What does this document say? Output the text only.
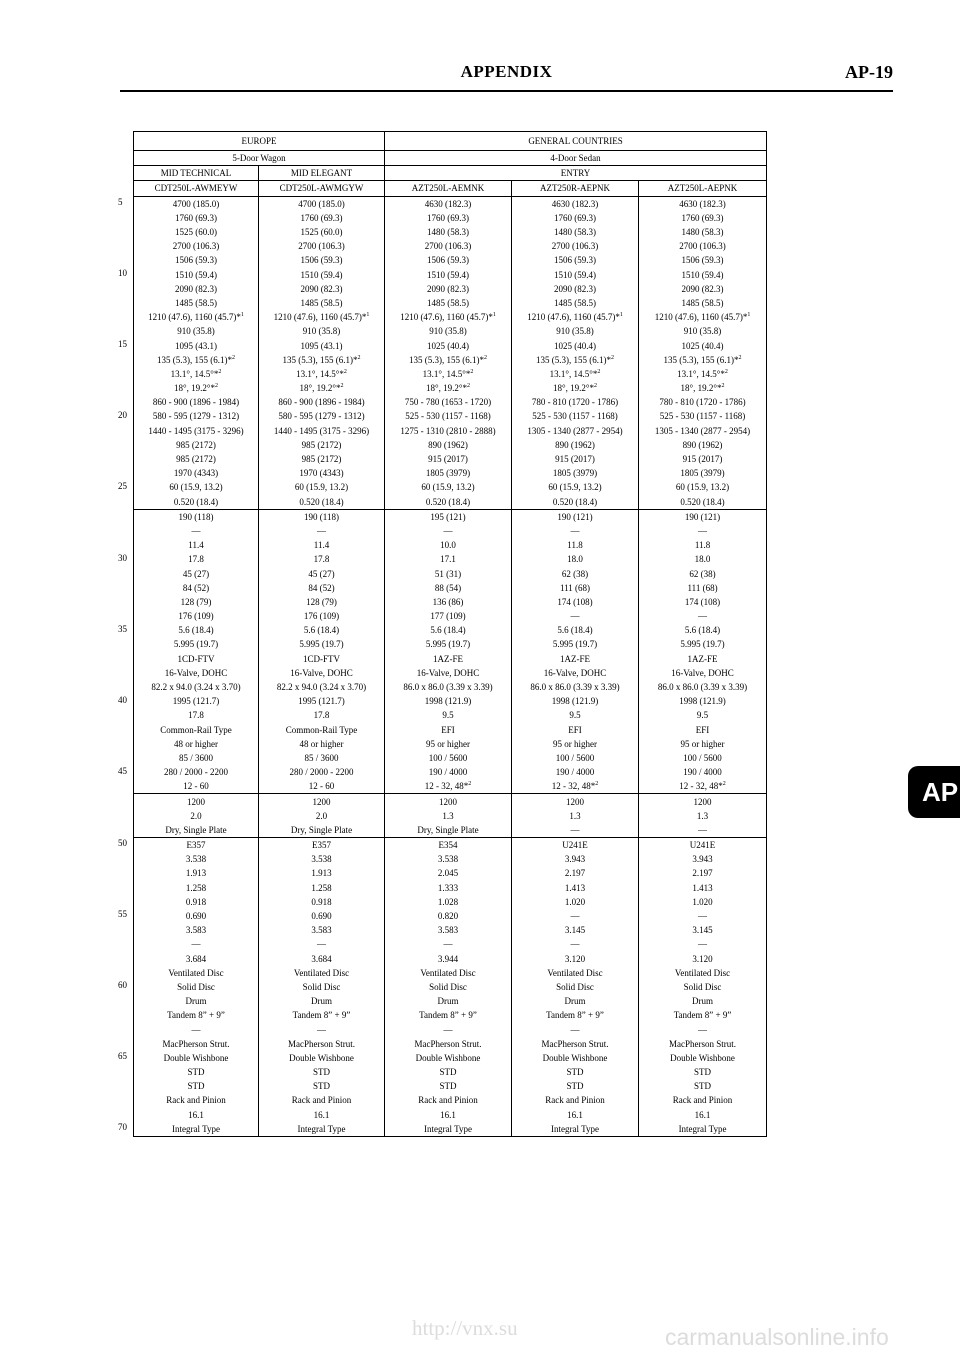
APPENDIX	AP-19
EUROPE		GENERAL COUNTRIES		
5-Door Wagon		4-Door Sedan		
MID TECHNICAL	MID ELEGANT	ENTRY		
CDT250L-AWMEYW	CDT250L-AWMGYW	AZT250L-AEMNK	AZT250R-AEPNK	AZT250L-AEPNK
4700 (185.0)	4700 (185.0)	4630 (182.3)	4630 (182.3)	4630 (182.3)
1760 (69.3)	1760 (69.3)	1760 (69.3)	1760 (69.3)	1760 (69.3)
1525 (60.0)	1525 (60.0)	1480 (58.3)	1480 (58.3)	1480 (58.3)
2700 (106.3)	2700 (106.3)	2700 (106.3)	2700 (106.3)	2700 (106.3)
1506 (59.3)	1506 (59.3)	1506 (59.3)	1506 (59.3)	1506 (59.3)
1510 (59.4)	1510 (59.4)	1510 (59.4)	1510 (59.4)	1510 (59.4)
2090 (82.3)	2090 (82.3)	2090 (82.3)	2090 (82.3)	2090 (82.3)
1485 (58.5)	1485 (58.5)	1485 (58.5)	1485 (58.5)	1485 (58.5)
1210 (47.6), 1160 (45.7)*$^1$	1210 (47.6), 1160 (45.7)*$^1$	1210 (47.6), 1160 (45.7)*$^1$	1210 (47.6), 1160 (45.7)*$^1$	1210 (47.6), 1160 (45.7)*$^1$
910 (35.8)	910 (35.8)	910 (35.8)	910 (35.8)	910 (35.8)
1095 (43.1)	1095 (43.1)	1025 (40.4)	1025 (40.4)	1025 (40.4)
135 (5.3), 155 (6.1)*$^2$	135 (5.3), 155 (6.1)*$^2$	135 (5.3), 155 (6.1)*$^2$	135 (5.3), 155 (6.1)*$^2$	135 (5.3), 155 (6.1)*$^2$
13.1°, 14.5°*$^2$	13.1°, 14.5°*$^2$	13.1°, 14.5°*$^2$	13.1°, 14.5°*$^2$	13.1°, 14.5°*$^2$
18°, 19.2°*$^2$	18°, 19.2°*$^2$	18°, 19.2°*$^2$	18°, 19.2°*$^2$	18°, 19.2°*$^2$
860 - 900 (1896 - 1984)	860 - 900 (1896 - 1984)	750 - 780 (1653 - 1720)	780 - 810 (1720 - 1786)	780 - 810 (1720 - 1786)
580 - 595 (1279 - 1312)	580 - 595 (1279 - 1312)	525 - 530 (1157 - 1168)	525 - 530 (1157 - 1168)	525 - 530 (1157 - 1168)
1440 - 1495 (3175 - 3296)	1440 - 1495 (3175 - 3296)	1275 - 1310 (2810 - 2888)	1305 - 1340 (2877 - 2954)	1305 - 1340 (2877 - 2954)
985 (2172)	985 (2172)	890 (1962)	890 (1962)	890 (1962)
985 (2172)	985 (2172)	915 (2017)	915 (2017)	915 (2017)
1970 (4343)	1970 (4343)	1805 (3979)	1805 (3979)	1805 (3979)
60 (15.9, 13.2)	60 (15.9, 13.2)	60 (15.9, 13.2)	60 (15.9, 13.2)	60 (15.9, 13.2)
0.520 (18.4)	0.520 (18.4)	0.520 (18.4)	0.520 (18.4)	0.520 (18.4)
190 (118)	190 (118)	195 (121)	190 (121)	190 (121)
—	—	—	—	—
11.4	11.4	10.0	11.8	11.8
17.8	17.8	17.1	18.0	18.0
45 (27)	45 (27)	51 (31)	62 (38)	62 (38)
84 (52)	84 (52)	88 (54)	111 (68)	111 (68)
128 (79)	128 (79)	136 (86)	174 (108)	174 (108)
176 (109)	176 (109)	177 (109)	—	—
5.6 (18.4)	5.6 (18.4)	5.6 (18.4)	5.6 (18.4)	5.6 (18.4)
5.995 (19.7)	5.995 (19.7)	5.995 (19.7)	5.995 (19.7)	5.995 (19.7)
1CD-FTV	1CD-FTV	1AZ-FE	1AZ-FE	1AZ-FE
16-Valve, DOHC	16-Valve, DOHC	16-Valve, DOHC	16-Valve, DOHC	16-Valve, DOHC
82.2 x 94.0 (3.24 x 3.70)	82.2 x 94.0 (3.24 x 3.70)	86.0 x 86.0 (3.39 x 3.39)	86.0 x 86.0 (3.39 x 3.39)	86.0 x 86.0 (3.39 x 3.39)
1995 (121.7)	1995 (121.7)	1998 (121.9)	1998 (121.9)	1998 (121.9)
17.8	17.8	9.5	9.5	9.5
Common-Rail Type	Common-Rail Type	EFI	EFI	EFI
48 or higher	48 or higher	95 or higher	95 or higher	95 or higher
85 / 3600	85 / 3600	100 / 5600	100 / 5600	100 / 5600
280 / 2000 - 2200	280 / 2000 - 2200	190 / 4000	190 / 4000	190 / 4000
12 - 60	12 - 60	12 - 32, 48*$^2$	12 - 32, 48*$^2$	12 - 32, 48*$^2$
1200	1200	1200	1200	1200
2.0	2.0	1.3	1.3	1.3
Dry, Single Plate	Dry, Single Plate	Dry, Single Plate	—	—
E357	E357	E354	U241E	U241E
3.538	3.538	3.538	3.943	3.943
1.913	1.913	2.045	2.197	2.197
1.258	1.258	1.333	1.413	1.413
0.918	0.918	1.028	1.020	1.020
0.690	0.690	0.820	—	—
3.583	3.583	3.583	3.145	3.145
—	—	—	—	—
3.684	3.684	3.944	3.120	3.120
Ventilated Disc	Ventilated Disc	Ventilated Disc	Ventilated Disc	Ventilated Disc
Solid Disc	Solid Disc	Solid Disc	Solid Disc	Solid Disc
Drum	Drum	Drum	Drum	Drum
Tandem 8” + 9”	Tandem 8” + 9”	Tandem 8” + 9”	Tandem 8” + 9”	Tandem 8” + 9”
—	—	—	—	—
MacPherson Strut.	MacPherson Strut.	MacPherson Strut.	MacPherson Strut.	MacPherson Strut.
Double Wishbone	Double Wishbone	Double Wishbone	Double Wishbone	Double Wishbone
STD	STD	STD	STD	STD
STD	STD	STD	STD	STD
Rack and Pinion	Rack and Pinion	Rack and Pinion	Rack and Pinion	Rack and Pinion
16.1	16.1	16.1	16.1	16.1
Integral Type	Integral Type	Integral Type	Integral Type	Integral Type
5
10
15
20
25
30
35
40
45
50
55
60
65
70
AP
http://vnx.su	carmanualsonline.info
